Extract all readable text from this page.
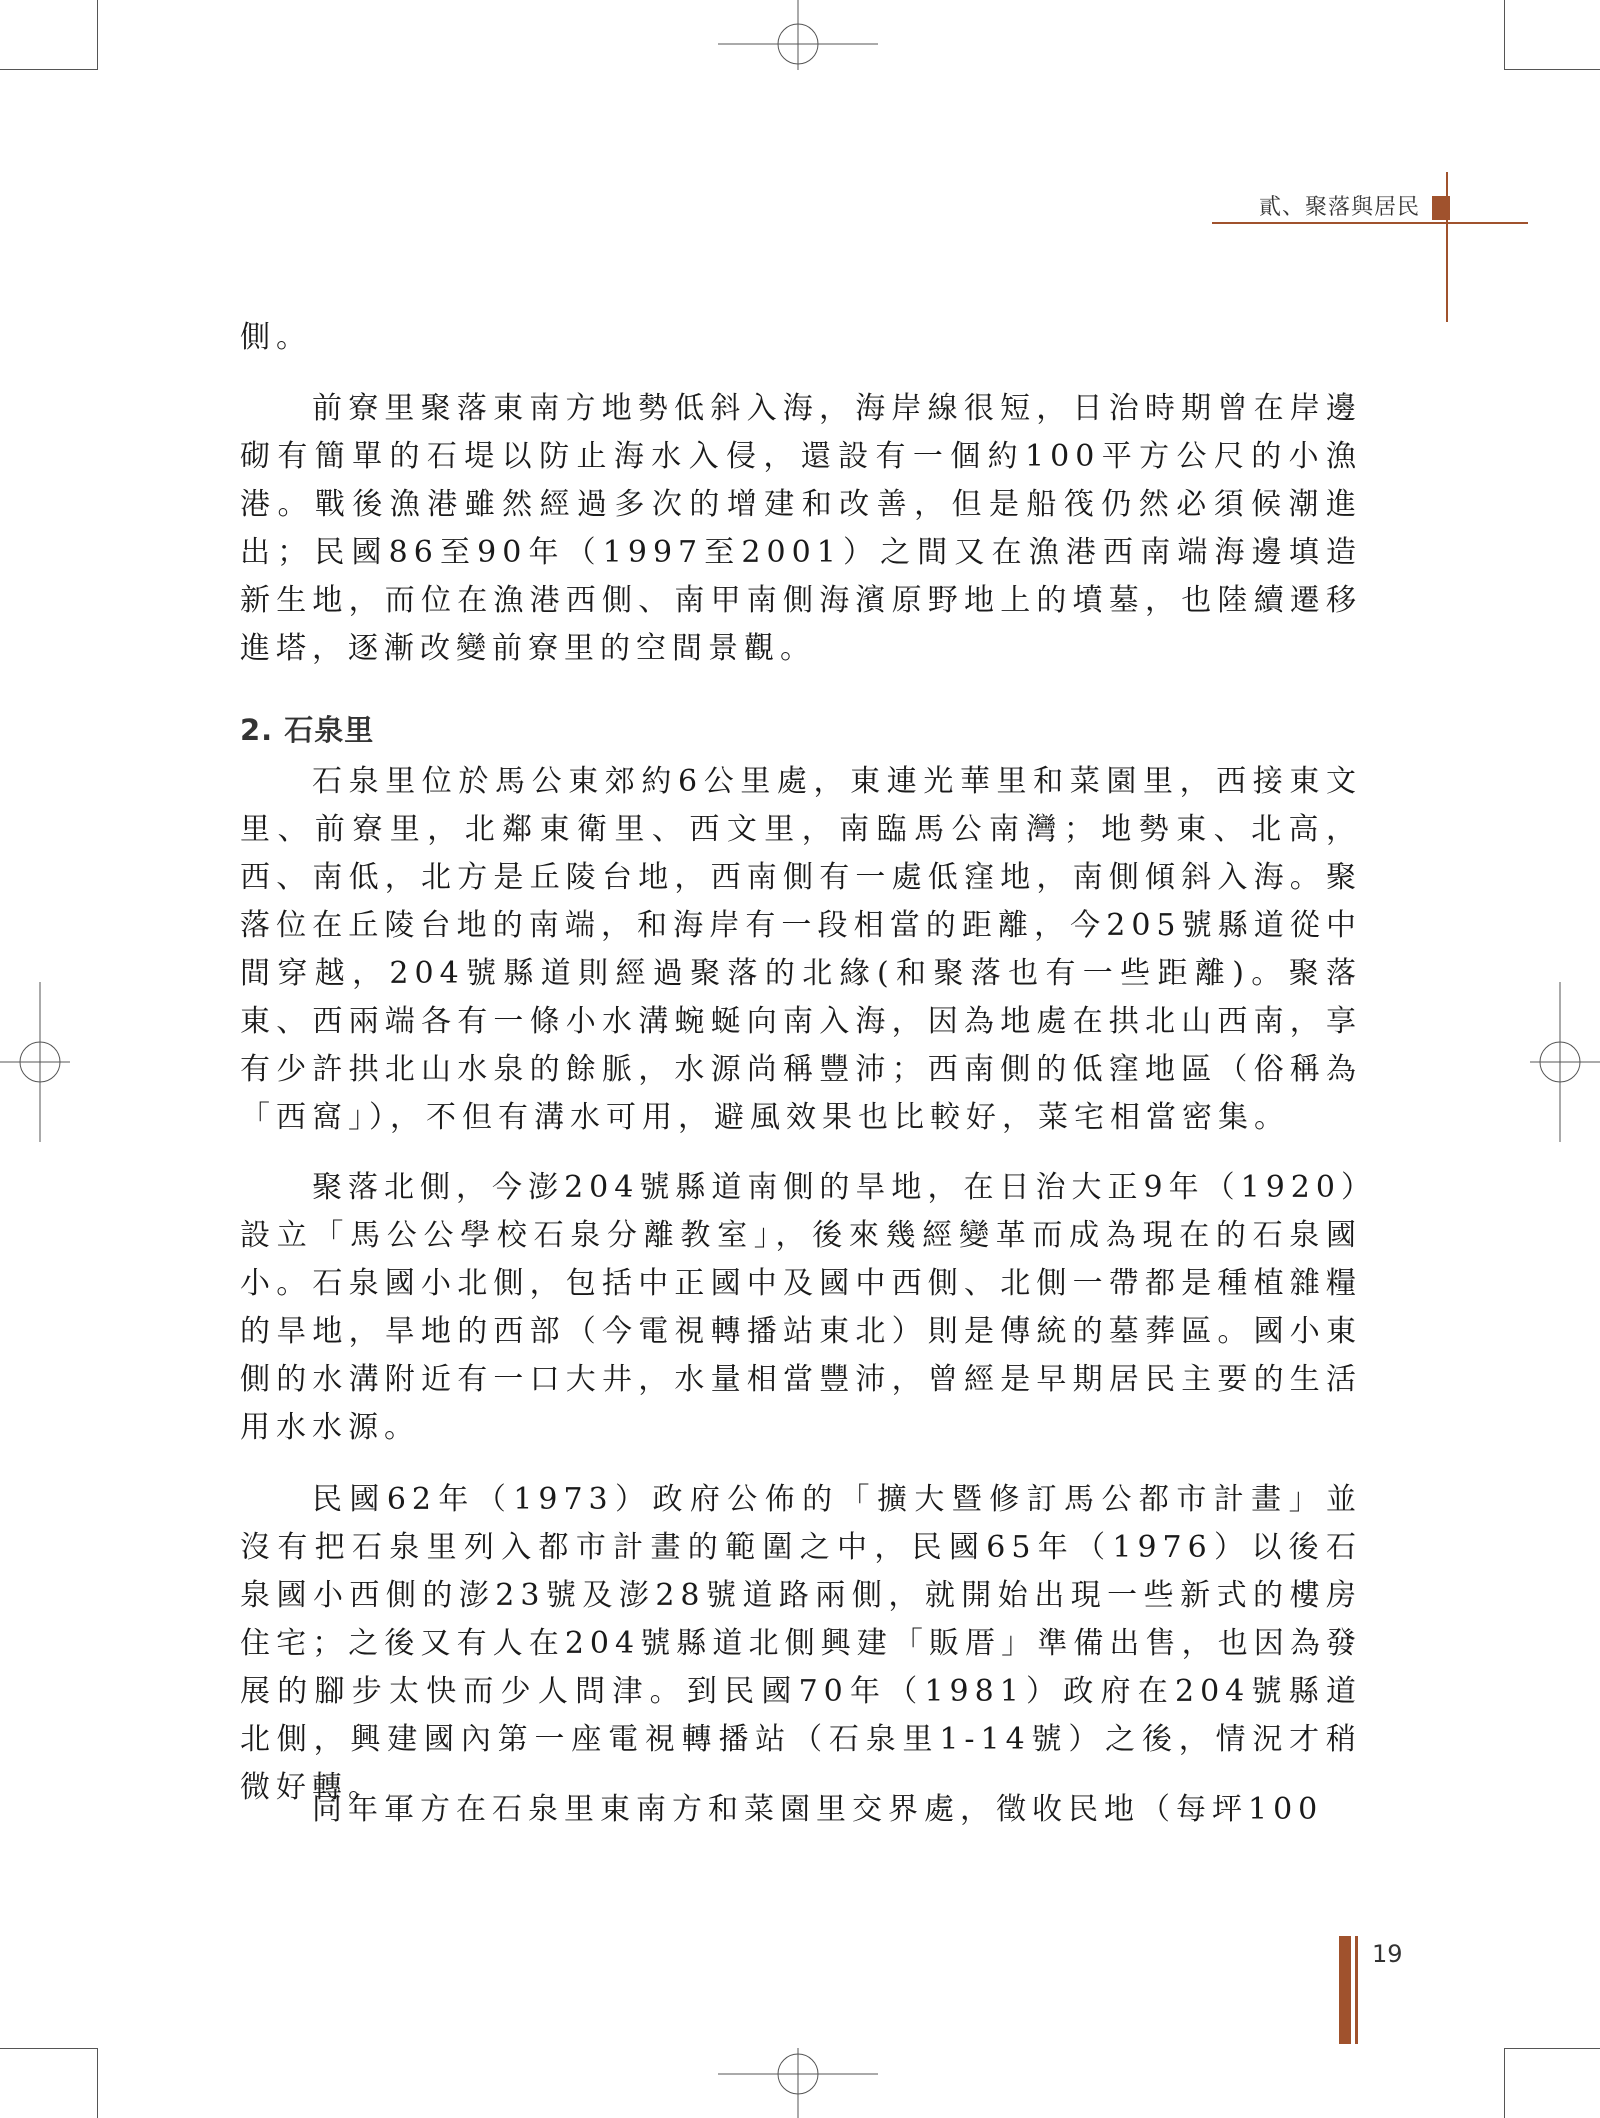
貳、聚落與居民

側。

前寮里聚落東南方地勢低斜入海，海岸線很短，日治時期曾在岸邊砌有簡單的石堤以防止海水入侵，還設有一個約100平方公尺的小漁港。戰後漁港雖然經過多次的增建和改善，但是船筏仍然必須候潮進出；民國86至90年（1997至2001）之間又在漁港西南端海邊填造新生地，而位在漁港西側、南甲南側海濱原野地上的墳墓，也陸續遷移進塔，逐漸改變前寮里的空間景觀。

2. 石泉里

石泉里位於馬公東郊約6公里處，東連光華里和菜園里，西接東文里、前寮里，北鄰東衛里、西文里，南臨馬公南灣；地勢東、北高，西、南低，北方是丘陵台地，西南側有一處低窪地，南側傾斜入海。聚落位在丘陵台地的南端，和海岸有一段相當的距離，今205號縣道從中間穿越，204號縣道則經過聚落的北緣(和聚落也有一些距離)。聚落東、西兩端各有一條小水溝蜿蜒向南入海，因為地處在拱北山西南，享有少許拱北山水泉的餘脈，水源尚稱豐沛；西南側的低窪地區（俗稱為「西窩」），不但有溝水可用，避風效果也比較好，菜宅相當密集。

聚落北側，今澎204號縣道南側的旱地，在日治大正9年（1920）設立「馬公公學校石泉分離教室」，後來幾經變革而成為現在的石泉國小。石泉國小北側，包括中正國中及國中西側、北側一帶都是種植雜糧的旱地，旱地的西部（今電視轉播站東北）則是傳統的墓葬區。國小東側的水溝附近有一口大井，水量相當豐沛，曾經是早期居民主要的生活用水水源。

民國62年（1973）政府公佈的「擴大暨修訂馬公都市計畫」並沒有把石泉里列入都市計畫的範圍之中，民國65年（1976）以後石泉國小西側的澎23號及澎28號道路兩側，就開始出現一些新式的樓房住宅；之後又有人在204號縣道北側興建「販厝」準備出售，也因為發展的腳步太快而少人問津。到民國70年（1981）政府在204號縣道北側，興建國內第一座電視轉播站（石泉里1-14號）之後，情況才稍微好轉。

同年軍方在石泉里東南方和菜園里交界處，徵收民地（每坪100

19
